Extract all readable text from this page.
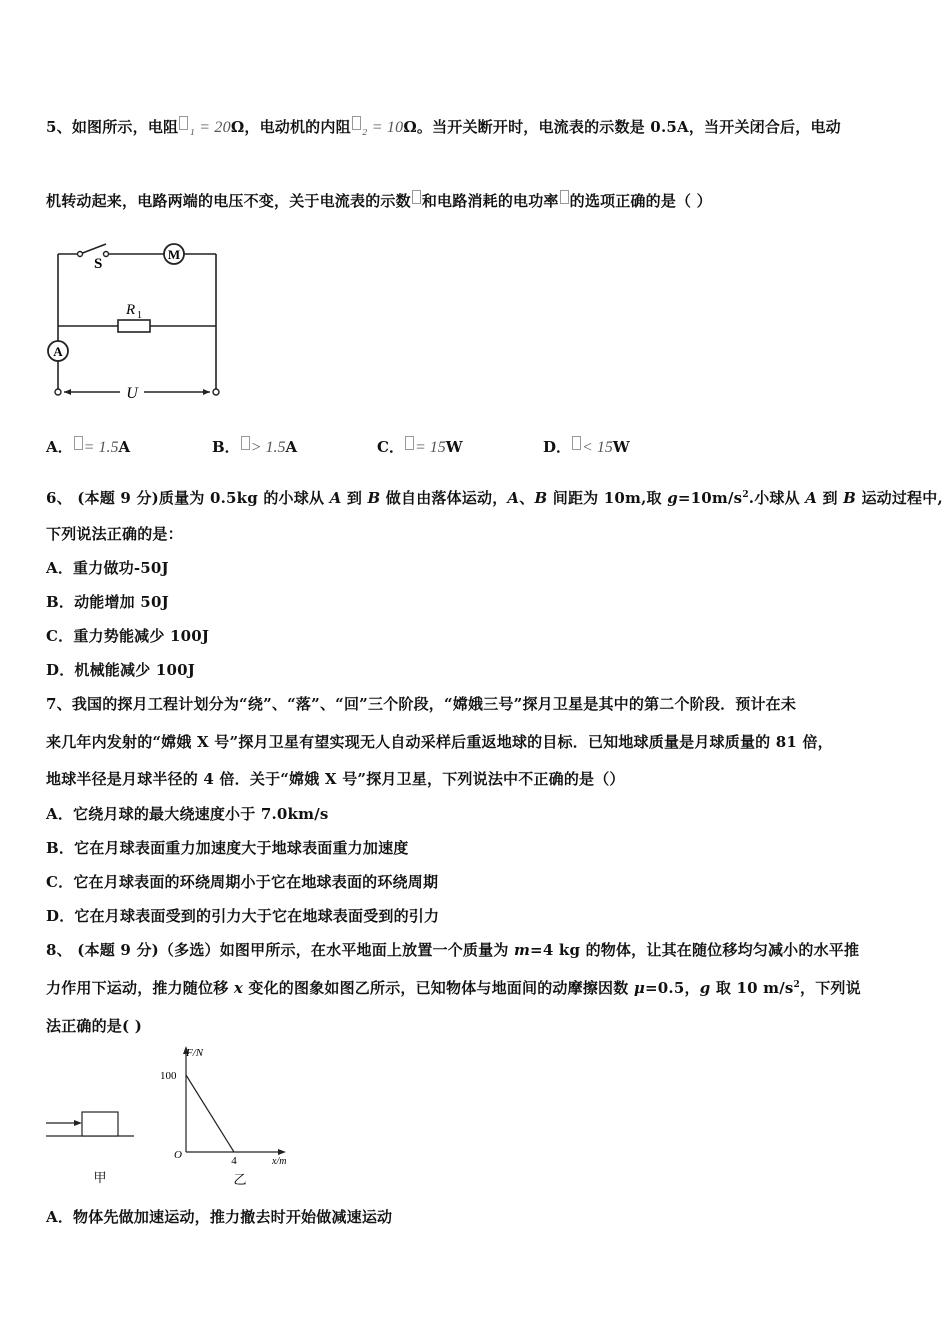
5、如图所示，电阻 ₁ = 20Ω，电动机的内阻 ₂ = 10Ω。当开关断开时，电流表的示数是 0.5A，当开关闭合后，电动
机转动起来，电路两端的电压不变，关于电流表的示数 和电路消耗的电功率 的选项正确的是（ ）
M
A
S
R 1
U
A． = 1.5A	B． > 1.5A	C． = 15W	D． < 15W
6、 (本题 9 分)质量为 0.5kg 的小球从 A 到 B 做自由落体运动，A、B 间距为 10m,取 $g=10m/s^2$.小球从 A 到 B 运动过程中,
下列说法正确的是：
A．重力做功-50J
B．动能增加 50J
C．重力势能减少 100J
D．机械能减少 100J
7、我国的探月工程计划分为“绕”、“落”、“回”三个阶段，“嫦娥三号”探月卫星是其中的第二个阶段．预计在未
来几年内发射的“嫦娥 X 号”探月卫星有望实现无人自动采样后重返地球的目标．已知地球质量是月球质量的 81 倍，
地球半径是月球半径的 4 倍．关于“嫦娥 X 号”探月卫星，下列说法中不正确的是（）
A．它绕月球的最大绕速度小于 7.0km/s
B．它在月球表面重力加速度大于地球表面重力加速度
C．它在月球表面的环绕周期小于它在地球表面的环绕周期
D．它在月球表面受到的引力大于它在地球表面受到的引力
8、 (本题 9 分)（多选）如图甲所示，在水平地面上放置一个质量为 m=4 kg 的物体，让其在随位移均匀减小的水平推
力作用下运动，推力随位移 x 变化的图象如图乙所示，已知物体与地面间的动摩擦因数 μ=0.5，g 取 10 $m/s^2$，下列说
法正确的是( )
甲
F/N
x/m
O
100
4
乙
A．物体先做加速运动，推力撤去时开始做减速运动
